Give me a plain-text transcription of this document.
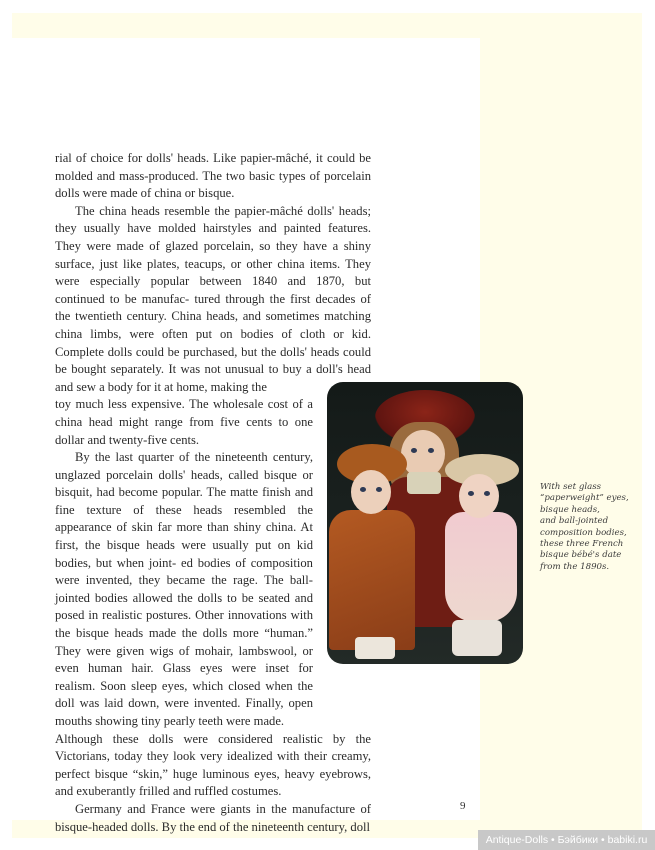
rial of choice for dolls' heads. Like papier-mâché, it could be molded and mass-produced. The two basic types of porcelain dolls were made of china or bisque.

The china heads resemble the papier-mâché dolls' heads; they usually have molded hairstyles and painted features. They were made of glazed porcelain, so they have a shiny surface, just like plates, teacups, or other china items. They were especially popular between 1840 and 1870, but continued to be manufac- tured through the first decades of the twentieth century. China heads, and sometimes matching china limbs, were often put on bodies of cloth or kid. Complete dolls could be purchased, but the dolls' heads could be bought separately. It was not unusual to buy a doll's head and sew a body for it at home, making the

toy much less expensive. The wholesale cost of a china head might range from five cents to one dollar and twenty-five cents.

By the last quarter of the nineteenth century, unglazed porcelain dolls' heads, called bisque or bisquit, had become popular. The matte finish and fine texture of these heads resembled the appearance of skin far more than shiny china. At first, the bisque heads were usually put on kid bodies, but when joint- ed bodies of composition were invented, they became the rage. The ball-jointed bodies allowed the dolls to be seated and posed in realistic postures. Other innovations with the bisque heads made the dolls more “human.” They were given wigs of mohair, lambswool, or even human hair. Glass eyes were inset for realism. Soon sleep eyes, which closed when the doll was laid down, were invented. Finally, open mouths showing tiny pearly teeth were made.

Although these dolls were considered realistic by the Victorians, today they look very idealized with their creamy, perfect bisque “skin,” huge luminous eyes, heavy eyebrows, and exuberantly frilled and ruffled costumes.

Germany and France were giants in the manufacture of bisque-headed dolls. By the end of the nineteenth century, doll

With set glass
“paperweight” eyes,
bisque heads,
and ball-jointed
composition bodies,
these three French
bisque bébé's date
from the 1890s.
9
Antique-Dolls • Бэйбики • babiki.ru
